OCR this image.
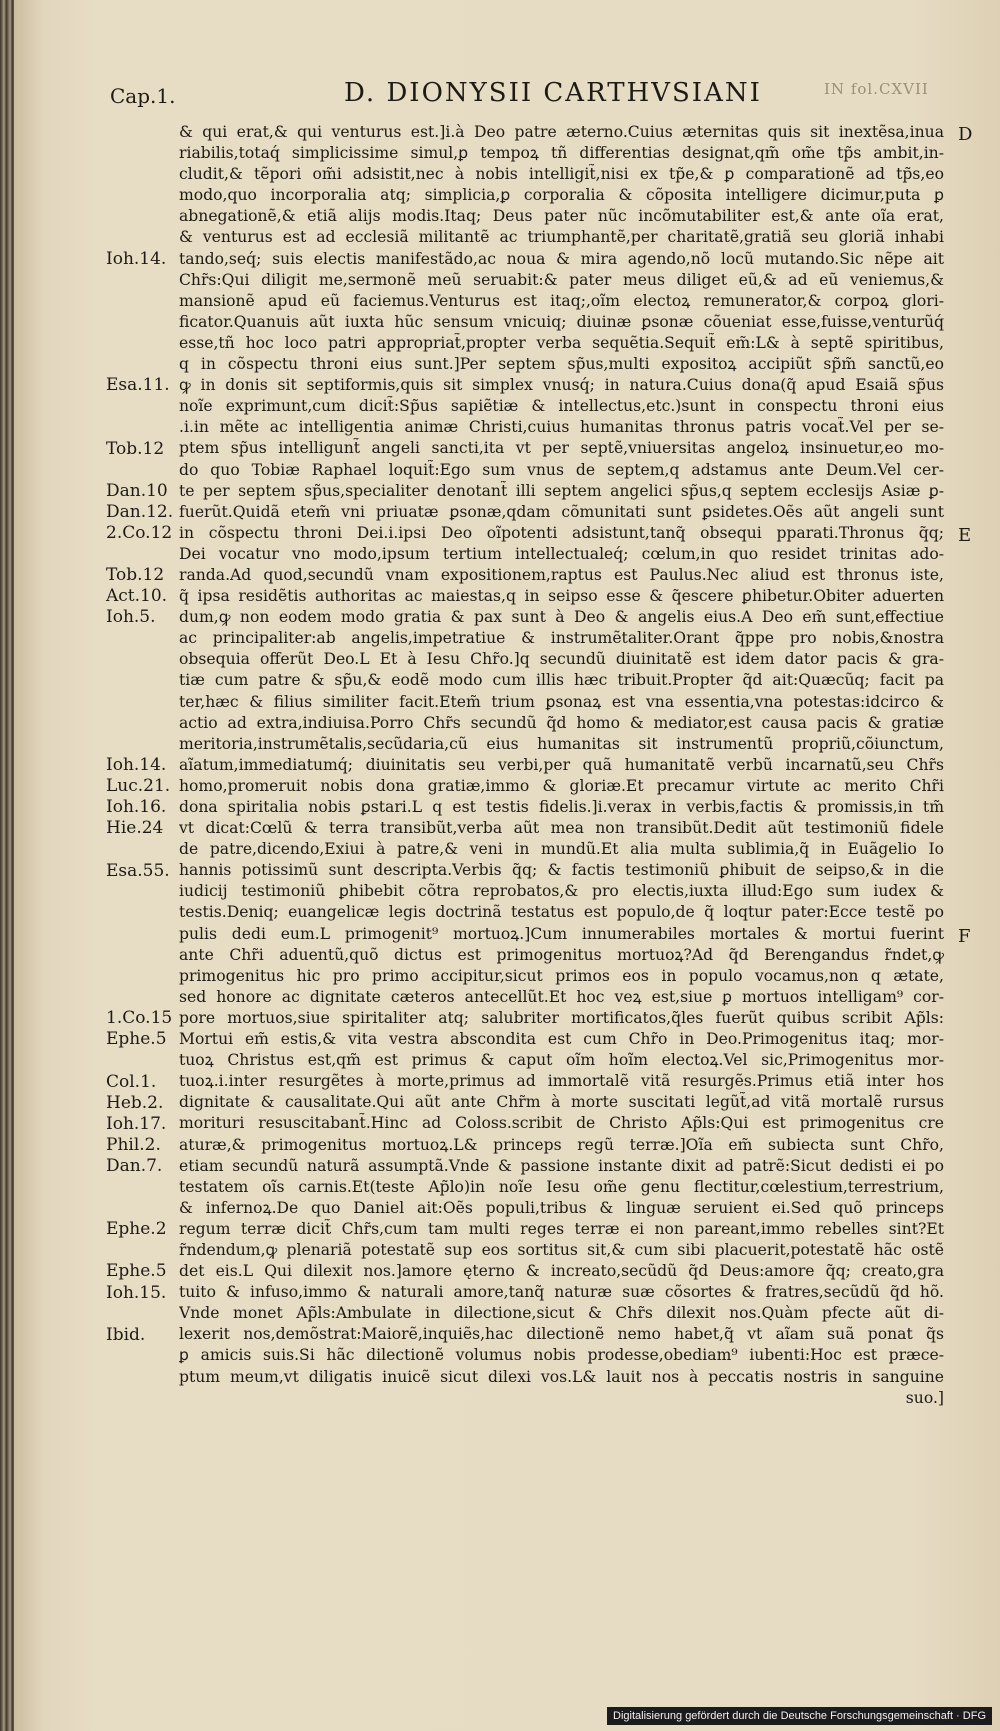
Cap.1.	D. DIONYSII CARTHVSIANI	IN fol.CXVII
& qui erat,& qui venturus est.]i.à Deo patre æterno.Cuius æternitas quis sit inextẽsa,inua
riabilis,totaq́ simplicissime simul,ꝑ tempoꝝ tñ differentias designat,qm̃ om̃e tp̃s ambit,in-
cludit,& tẽpori om̃i adsistit,nec à nobis intelligit̃,nisi ex tp̃e,& ꝑ comparationẽ ad tp̃s,eo
modo,quo incorporalia atq; simplicia,ꝑ corporalia & cõposita intelligere dicimur,puta ꝑ
abnegationẽ,& etiã alijs modis.Itaq; Deus pater nũc incõmutabiliter est,& ante oĩa erat,
& venturus est ad ecclesiã militantẽ ac triumphantẽ,per charitatẽ,gratiã seu gloriã inhabi
tando,seq́; suis electis manifestãdo,ac noua & mira agendo,nõ locũ mutando.Sic nẽpe ait
Chr̃s:Qui diligit me,sermonẽ meũ seruabit:& pater meus diliget eũ,& ad eũ veniemus,&
mansionẽ apud eũ faciemus.Venturus est itaq;,oĩm electoꝝ remunerator,& corpoꝝ glori-
ficator.Quanuis aũt iuxta hũc sensum vnicuiq; diuinæ ꝑsonæ cõueniat esse,fuisse,venturũq́
esse,tñ hoc loco patri appropriat̃,propter verba sequẽtia.Sequit̃ em̃:L& à septẽ spiritibus,
q in cõspectu throni eius sunt.]Per septem sp̃us,multi expositoꝝ accipiũt sp̃m̃ sanctũ,eo
ꝙ in donis sit septiformis,quis sit simplex vnusq́; in natura.Cuius dona(q̃ apud Esaiã sp̃us
noĩe exprimunt,cum dicit̃:Sp̃us sapiẽtiæ & intellectus,etc.)sunt in conspectu throni eius
.i.in mẽte ac intelligentia animæ Christi,cuius humanitas thronus patris vocat̃.Vel per se-
ptem sp̃us intelligunt̃ angeli sancti,ita vt per septẽ,vniuersitas angeloꝝ insinuetur,eo mo-
do quo Tobiæ Raphael loquit̃:Ego sum vnus de septem,q adstamus ante Deum.Vel cer-
te per septem sp̃us,specialiter denotant̃ illi septem angelici sp̃us,q septem ecclesijs Asiæ ꝑ-
fuerũt.Quidã etem̃ vni priuatæ ꝑsonæ,qdam cõmunitati sunt ꝑsidetes.Oẽs aũt angeli sunt
in cõspectu throni Dei.i.ipsi Deo oĩpotenti adsistunt,tanq̃ obsequi pparati.Thronus q̃q;
Dei vocatur vno modo,ipsum tertium intellectualeq́; cœlum,in quo residet trinitas ado-
randa.Ad quod,secundũ vnam expositionem,raptus est Paulus.Nec aliud est thronus iste,
q̃ ipsa residẽtis authoritas ac maiestas,q in seipso esse & q̃escere ꝑhibetur.Obiter aduerten
dum,ꝙ non eodem modo gratia & pax sunt à Deo & angelis eius.A Deo em̃ sunt,effectiue
ac principaliter:ab angelis,impetratiue & instrumẽtaliter.Orant q̃ppe pro nobis,&nostra
obsequia offerũt Deo.L Et à Iesu Chr̃o.]q secundũ diuinitatẽ est idem dator pacis & gra-
tiæ cum patre & sp̃u,& eodẽ modo cum illis hæc tribuit.Propter q̃d ait:Quæcũq; facit pa
ter,hæc & filius similiter facit.Etem̃ trium ꝑsonaꝝ est vna essentia,vna potestas:idcirco &
actio ad extra,indiuisa.Porro Chr̃s secundũ q̃d homo & mediator,est causa pacis & gratiæ
meritoria,instrumẽtalis,secũdaria,cũ eius humanitas sit instrumentũ propriũ,cõiunctum,
aĩatum,immediatumq́; diuinitatis seu verbi,per quã humanitatẽ verbũ incarnatũ,seu Chr̃s
homo,promeruit nobis dona gratiæ,immo & gloriæ.Et precamur virtute ac merito Chr̃i
dona spiritalia nobis ꝑstari.L q est testis fidelis.]i.verax in verbis,factis & promissis,in tm̃
vt dicat:Cœlũ & terra transibũt,verba aũt mea non transibũt.Dedit aũt testimoniũ fidele
de patre,dicendo,Exiui à patre,& veni in mundũ.Et alia multa sublimia,q̃ in Euãgelio Io
hannis potissimũ sunt descripta.Verbis q̃q; & factis testimoniũ ꝑhibuit de seipso,& in die
iudicij testimoniũ ꝑhibebit cõtra reprobatos,& pro electis,iuxta illud:Ego sum iudex &
testis.Deniq; euangelicæ legis doctrinã testatus est populo,de q̃ loqtur pater:Ecce testẽ po
pulis dedi eum.L primogenit⁹ mortuoꝝ.]Cum innumerabiles mortales & mortui fuerint
ante Chr̃i aduentũ,quõ dictus est primogenitus mortuoꝝ?Ad q̃d Berengandus r̃ndet,ꝙ
primogenitus hic pro primo accipitur,sicut primos eos in populo vocamus,non q ætate,
sed honore ac dignitate cæteros antecellũt.Et hoc veꝝ est,siue ꝑ mortuos intelligam⁹ cor-
pore mortuos,siue spiritaliter atq; salubriter mortificatos,q̃les fuerũt quibus scribit Ap̃ls:
Mortui em̃ estis,& vita vestra abscondita est cum Chr̃o in Deo.Primogenitus itaq; mor-
tuoꝝ Christus est,qm̃ est primus & caput oĩm hoĩm electoꝝ.Vel sic,Primogenitus mor-
tuoꝝ.i.inter resurgẽtes à morte,primus ad immortalẽ vitã resurgẽs.Primus etiã inter hos
dignitate & causalitate.Qui aũt ante Chr̃m à morte suscitati legũt̃,ad vitã mortalẽ rursus
morituri resuscitabant̃.Hinc ad Coloss.scribit de Christo Ap̃ls:Qui est primogenitus cre
aturæ,& primogenitus mortuoꝝ.L& princeps regũ terræ.]Oĩa em̃ subiecta sunt Chr̃o,
etiam secundũ naturã assumptã.Vnde & passione instante dixit ad patrẽ:Sicut dedisti ei po
testatem oĩs carnis.Et(teste Ap̃lo)in noĩe Iesu om̃e genu flectitur,cœlestium,terrestrium,
& infernoꝝ.De quo Daniel ait:Oẽs populi,tribus & linguæ seruient ei.Sed quõ princeps
regum terræ dicit̃ Chr̃s,cum tam multi reges terræ ei non pareant,immo rebelles sint?Et
r̃ndendum,ꝙ plenariã potestatẽ sup eos sortitus sit,& cum sibi placuerit,potestatẽ hãc ostẽ
det eis.L Qui dilexit nos.]amore ęterno & increato,secũdũ q̃d Deus:amore q̃q; creato,gra
tuito & infuso,immo & naturali amore,tanq̃ naturæ suæ cõsortes & fratres,secũdũ q̃d hõ.
Vnde monet Ap̃ls:Ambulate in dilectione,sicut & Chr̃s dilexit nos.Quàm pfecte aũt di-
lexerit nos,demõstrat:Maiorẽ,inquiẽs,hac dilectionẽ nemo habet,q̃ vt aĩam suã ponat q̃s
ꝑ amicis suis.Si hãc dilectionẽ volumus nobis prodesse,obediam⁹ iubenti:Hoc est præce-
ptum meum,vt diligatis inuicẽ sicut dilexi vos.L& lauit nos à peccatis nostris in sanguine
suo.]
Ioh.14.
Esa.11.
Tob.12
Dan.10
Dan.12.
2.Co.12
Tob.12
Act.10.
Ioh.5.
Ioh.14.
Luc.21.
Ioh.16.
Hie.24
Esa.55.
1.Co.15
Ephe.5
Col.1.
Heb.2.
Ioh.17.
Phil.2.
Dan.7.
Ephe.2
Ephe.5
Ioh.15.
Ibid.
D
E
F
Digitalisierung gefördert durch die Deutsche Forschungsgemeinschaft · DFG
